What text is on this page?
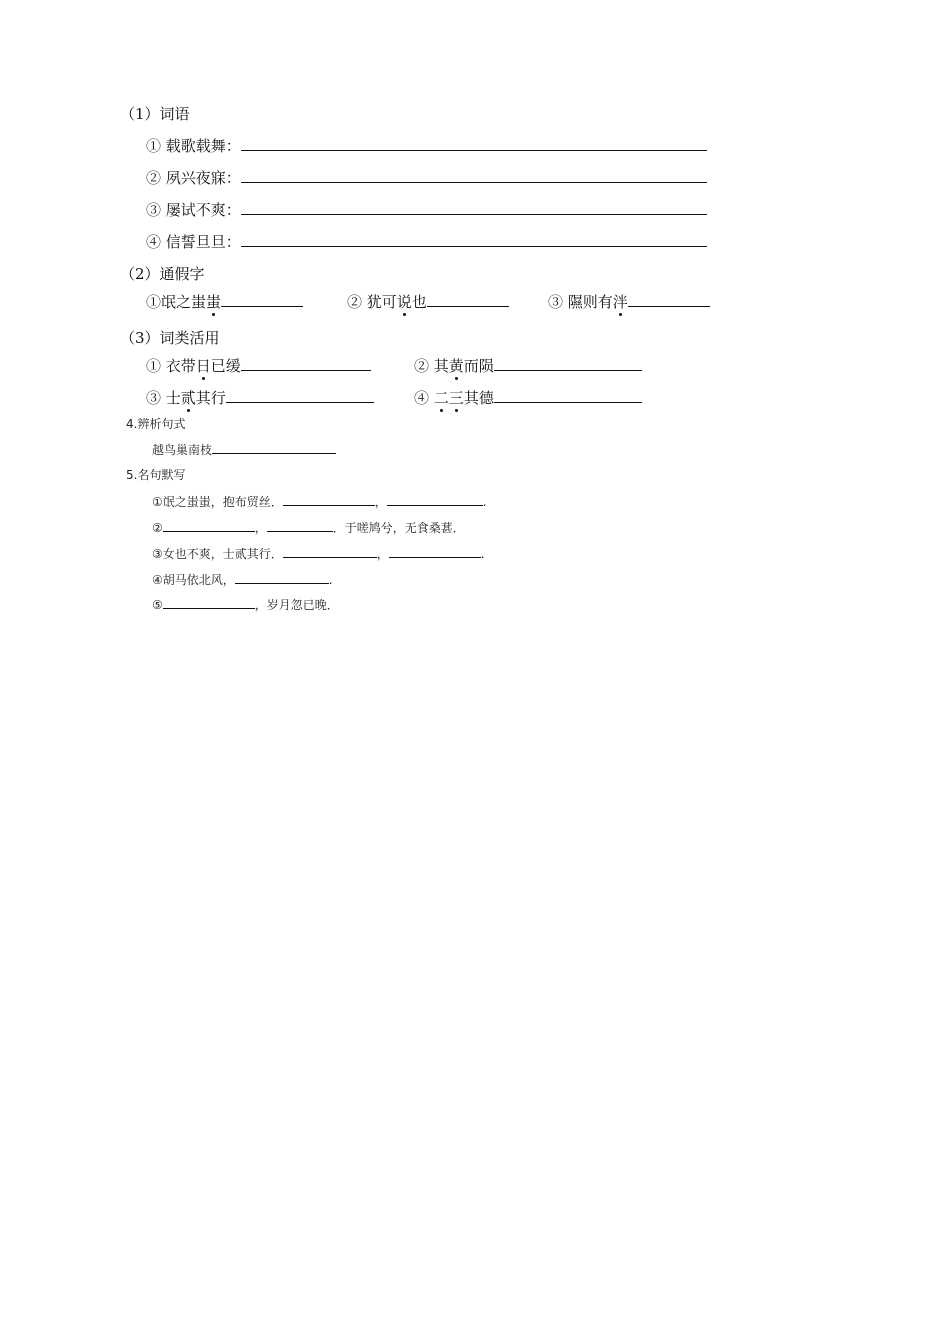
（1）词语
① 载歌载舞：
② 夙兴夜寐：
③ 屡试不爽：
④ 信誓旦旦：
（2）通假字
①氓之蚩蚩	② 犹可说也	③ 隰则有泮
（3）词类活用
① 衣带日已缓	② 其黄而陨
③ 士贰其行	④ 二三其德
4.辨析句式
越鸟巢南枝
5.名句默写
①氓之蚩蚩，抱布贸丝．	，	.
②	，	．于嗟鸠兮，无食桑葚．
③女也不爽，士贰其行．	，	.
④胡马依北风，	.
⑤	，岁月忽已晚．
